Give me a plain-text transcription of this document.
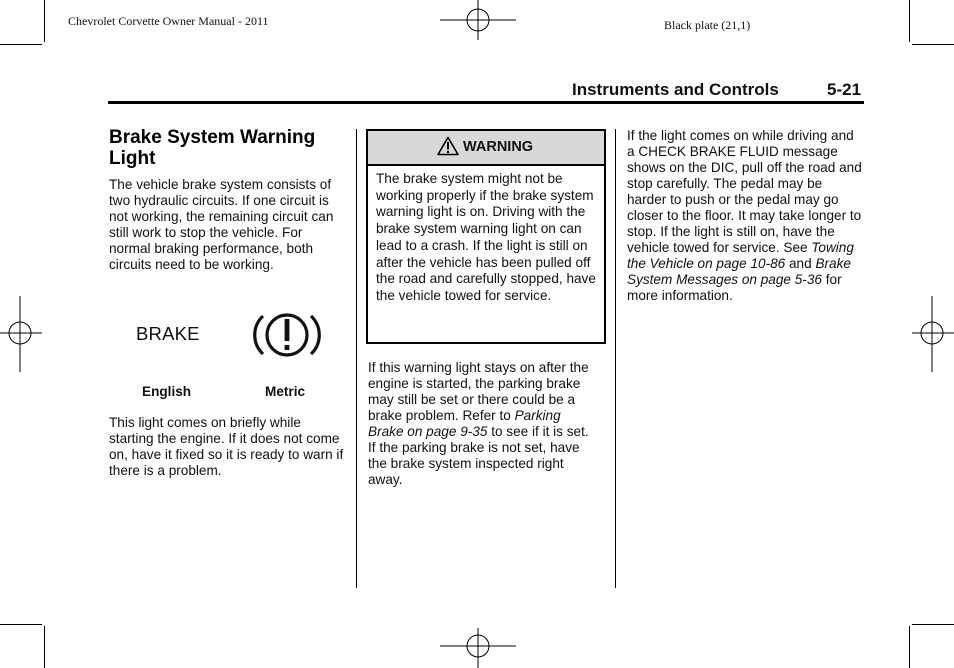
Chevrolet Corvette Owner Manual - 2011	Black plate (21,1)
Instruments and Controls	5-21
Brake System Warning Light
The vehicle brake system consists of two hydraulic circuits. If one circuit is not working, the remaining circuit can still work to stop the vehicle. For normal braking performance, both circuits need to be working.
BRAKE
English	Metric
This light comes on briefly while starting the engine. If it does not come on, have it fixed so it is ready to warn if there is a problem.
WARNING
The brake system might not be working properly if the brake system warning light is on. Driving with the brake system warning light on can lead to a crash. If the light is still on after the vehicle has been pulled off the road and carefully stopped, have the vehicle towed for service.
If this warning light stays on after the engine is started, the parking brake may still be set or there could be a brake problem. Refer to Parking Brake on page 9-35 to see if it is set. If the parking brake is not set, have the brake system inspected right away.
If the light comes on while driving and a CHECK BRAKE FLUID message shows on the DIC, pull off the road and stop carefully. The pedal may be harder to push or the pedal may go closer to the floor. It may take longer to stop. If the light is still on, have the vehicle towed for service. See Towing the Vehicle on page 10-86 and Brake System Messages on page 5-36 for more information.
